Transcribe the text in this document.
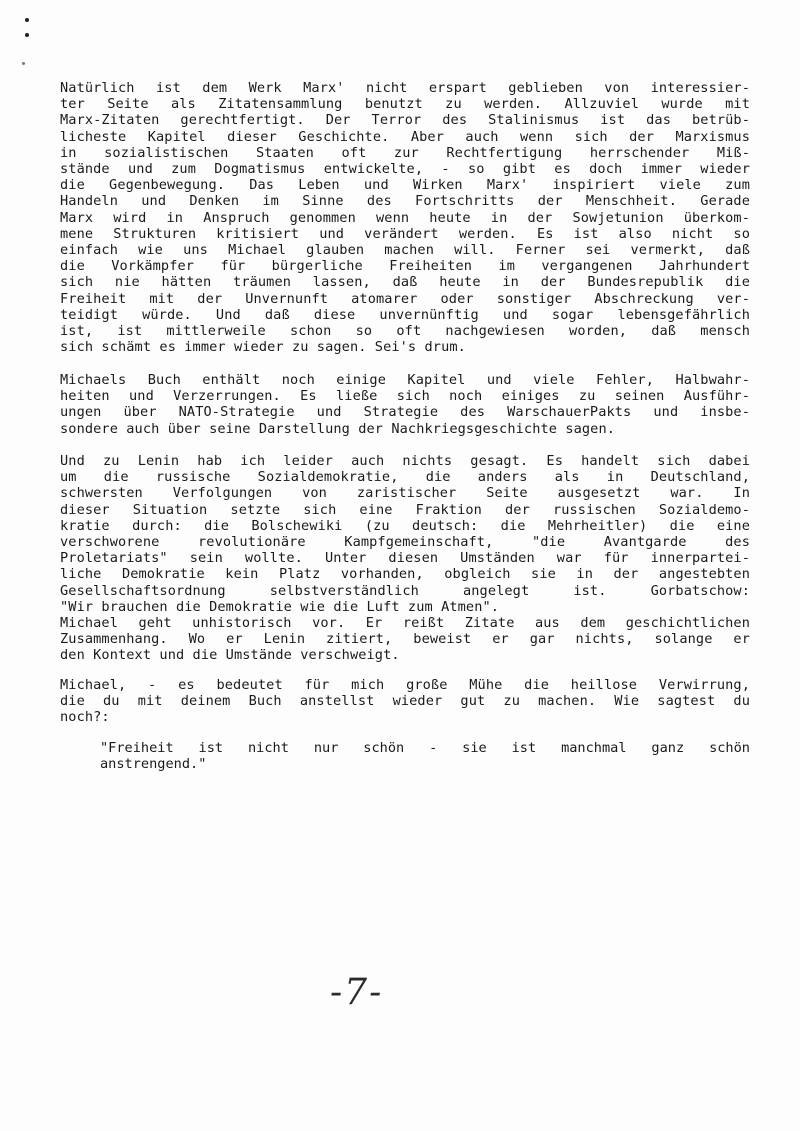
Natürlich ist dem Werk Marx' nicht erspart geblieben von interessier-
ter Seite als Zitatensammlung benutzt zu werden. Allzuviel wurde mit
Marx-Zitaten gerechtfertigt. Der Terror des Stalinismus ist das betrüb-
licheste Kapitel dieser Geschichte. Aber auch wenn sich der Marxismus
in sozialistischen Staaten oft zur Rechtfertigung herrschender Miß-
stände und zum Dogmatismus entwickelte, - so gibt es doch immer wieder
die Gegenbewegung. Das Leben und Wirken Marx' inspiriert viele zum
Handeln und Denken im Sinne des Fortschritts der Menschheit. Gerade
Marx wird in Anspruch genommen wenn heute in der Sowjetunion überkom-
mene Strukturen kritisiert und verändert werden. Es ist also nicht so
einfach wie uns Michael glauben machen will. Ferner sei vermerkt, daß
die Vorkämpfer für bürgerliche Freiheiten im vergangenen Jahrhundert
sich nie hätten träumen lassen, daß heute in der Bundesrepublik die
Freiheit mit der Unvernunft atomarer oder sonstiger Abschreckung ver-
teidigt würde. Und daß diese unvernünftig und sogar lebensgefährlich
ist, ist mittlerweile schon so oft nachgewiesen worden, daß mensch
sich schämt es immer wieder zu sagen. Sei's drum.
Michaels Buch enthält noch einige Kapitel und viele Fehler, Halbwahr-
heiten und Verzerrungen. Es ließe sich noch einiges zu seinen Ausführ-
ungen über NATO-Strategie und Strategie des WarschauerPakts und insbe-
sondere auch über seine Darstellung der Nachkriegsgeschichte sagen.
Und zu Lenin hab ich leider auch nichts gesagt. Es handelt sich dabei
um die russische Sozialdemokratie, die anders als in Deutschland,
schwersten Verfolgungen von zaristischer Seite ausgesetzt war. In
dieser Situation setzte sich eine Fraktion der russischen Sozialdemo-
kratie durch: die Bolschewiki (zu deutsch: die Mehrheitler) die eine
verschworene revolutionäre Kampfgemeinschaft, "die Avantgarde des
Proletariats" sein wollte. Unter diesen Umständen war für innerpartei-
liche Demokratie kein Platz vorhanden, obgleich sie in der angestebten
Gesellschaftsordnung selbstverständlich angelegt ist. Gorbatschow:
"Wir brauchen die Demokratie wie die Luft zum Atmen".
Michael geht unhistorisch vor. Er reißt Zitate aus dem geschichtlichen
Zusammenhang. Wo er Lenin zitiert, beweist er gar nichts, solange er
den Kontext und die Umstände verschweigt.
Michael, - es bedeutet für mich große Mühe die heillose Verwirrung,
die du mit deinem Buch anstellst wieder gut zu machen. Wie sagtest du
noch?:
"Freiheit ist nicht nur schön - sie ist manchmal ganz schön
anstrengend."
-7-
